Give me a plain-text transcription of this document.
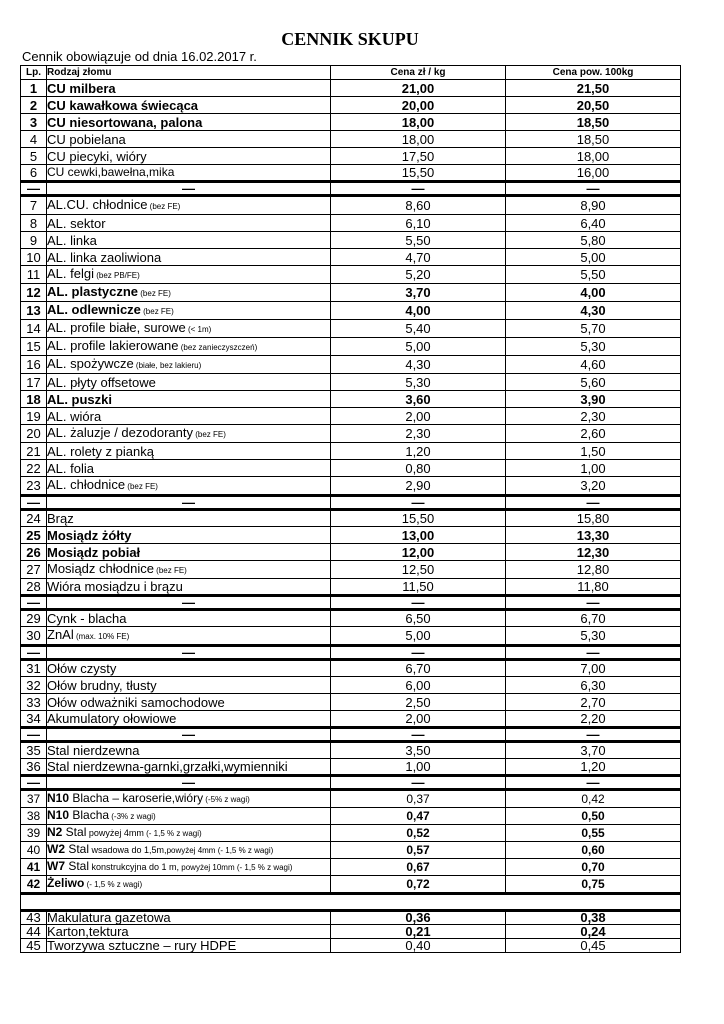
CENNIK SKUPU
Cennik obowiązuje od dnia 16.02.2017 r.
Lp.	Rodzaj złomu	Cena zł / kg	Cena pow. 100kg
1	CU milbera	21,00	21,50
2	CU kawałkowa świecąca	20,00	20,50
3	CU niesortowana, palona	18,00	18,50
4	CU pobielana	18,00	18,50
5	CU piecyki, wióry	17,50	18,00
6	CU cewki,bawełna,mika	15,50	16,00
—	—	—	—
7	AL.CU. chłodnice (bez FE)	8,60	8,90
8	AL. sektor	6,10	6,40
9	AL. linka	5,50	5,80
10	AL. linka zaoliwiona	4,70	5,00
11	AL. felgi (bez PB/FE)	5,20	5,50
12	AL. plastyczne (bez FE)	3,70	4,00
13	AL. odlewnicze (bez FE)	4,00	4,30
14	AL. profile białe, surowe (< 1m)	5,40	5,70
15	AL. profile lakierowane (bez zanieczyszczeń)	5,00	5,30
16	AL. spożywcze (białe, bez lakieru)	4,30	4,60
17	AL. płyty offsetowe	5,30	5,60
18	AL. puszki	3,60	3,90
19	AL. wióra	2,00	2,30
20	AL. żaluzje / dezodoranty (bez FE)	2,30	2,60
21	AL. rolety z pianką	1,20	1,50
22	AL. folia	0,80	1,00
23	AL. chłodnice (bez FE)	2,90	3,20
—	—	—	—
24	Brąz	15,50	15,80
25	Mosiądz żółty	13,00	13,30
26	Mosiądz pobiał	12,00	12,30
27	Mosiądz chłodnice (bez FE)	12,50	12,80
28	Wióra mosiądzu i brązu	11,50	11,80
—	—	—	—
29	Cynk - blacha	6,50	6,70
30	ZnAl (max. 10% FE)	5,00	5,30
—	—	—	—
31	Ołów czysty	6,70	7,00
32	Ołów brudny, tłusty	6,00	6,30
33	Ołów odważniki samochodowe	2,50	2,70
34	Akumulatory ołowiowe	2,00	2,20
—	—	—	—
35	Stal nierdzewna	3,50	3,70
36	Stal nierdzewna-garnki,grzałki,wymienniki	1,00	1,20
—	—	—	—
37	N10 Blacha – karoserie,wióry (-5% z wagi)	0,37	0,42
38	N10 Blacha (-3% z wagi)	0,47	0,50
39	N2 Stal powyżej 4mm (- 1,5 % z wagi)	0,52	0,55
40	W2 Stal wsadowa do 1,5m,powyżej 4mm (- 1,5 % z wagi)	0,57	0,60
41	W7 Stal konstrukcyjna do 1 m, powyżej 10mm (- 1,5 % z wagi)	0,67	0,70
42	Żeliwo (- 1,5 % z wagi)	0,72	0,75

43	Makulatura gazetowa	0,36	0,38
44	Karton,tektura	0,21	0,24
45	Tworzywa sztuczne – rury HDPE	0,40	0,45
